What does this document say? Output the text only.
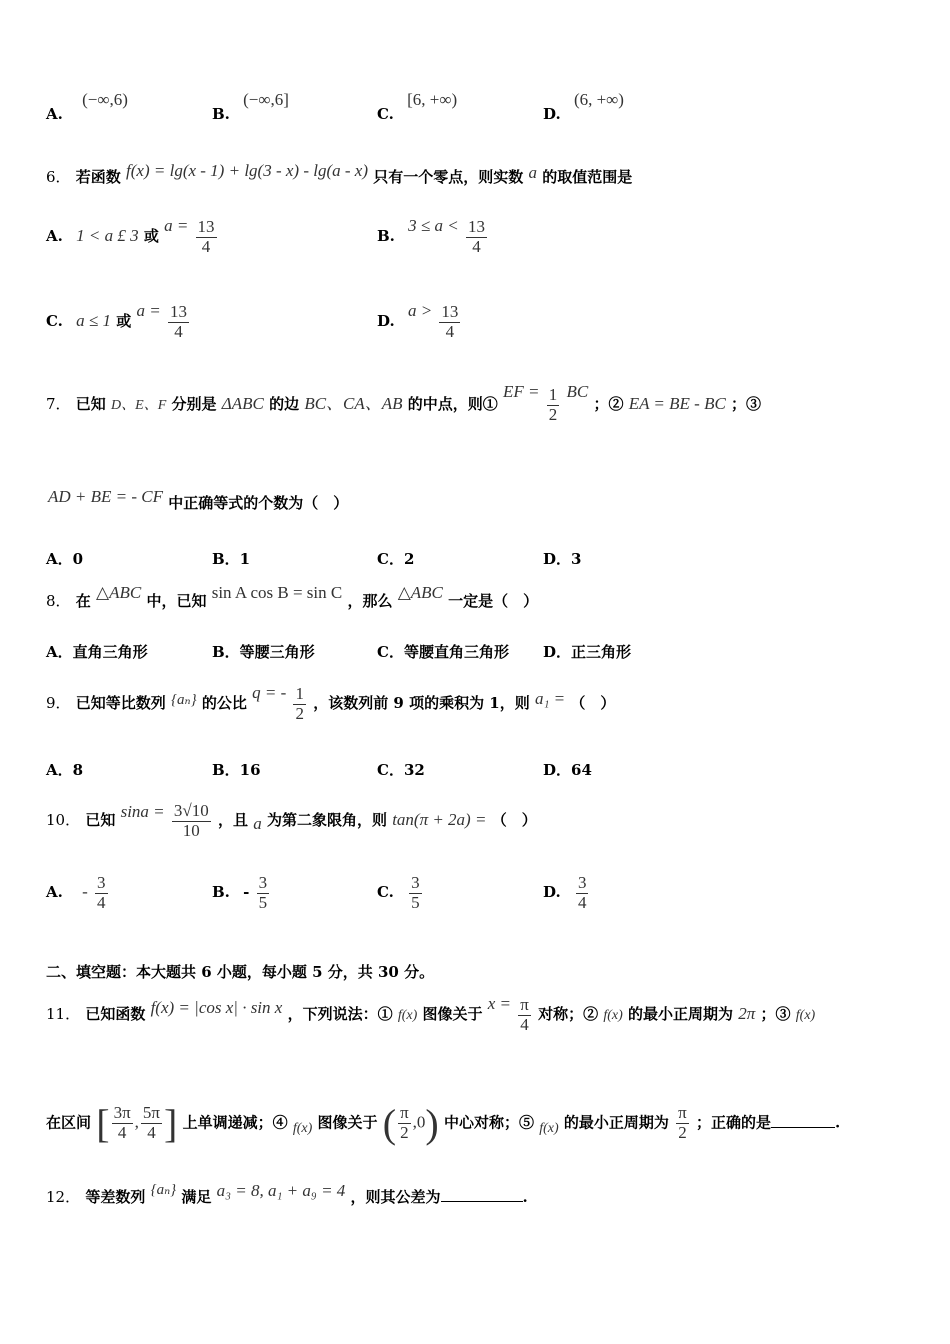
A. (−∞,6)
B. (−∞,6]
C. [6, +∞)
D. (6, +∞)
6． 若函数 f(x) = lg(x - 1) + lg(3 - x) - lg(a - x) 只有一个零点，则实数 a 的取值范围是
A. 1 < a £ 3 或 $a = \frac{13}{4}$	B. $3 \le a < \frac{13}{4}$
C. a ≤ 1 或 $a = \frac{13}{4}$	D. $a > \frac{13}{4}$
7． 已知 D、E、F 分别是 ΔABC 的边 BC、CA、AB 的中点，则① EF = $\frac{1}{2}$ BC ；② EA = BE - BC ；③
AD + BE = - CF 中正确等式的个数为（　）
A．0	B．1	C．2	D．3
8． 在 △ABC 中，已知 sin A cos B = sin C ，那么 △ABC 一定是（　）
A．直角三角形	B．等腰三角形	C．等腰直角三角形 D．正三角形
9． 已知等比数列 {aₙ} 的公比 q = - $\frac{1}{2}$ ，该数列前 9 项的乘积为 1，则 a₁ = （　）
A．8	B．16	C．32	D．64
10． 已知 $\sin a = \frac{3√10}{10}$ ，且 a 为第二象限角，则 tan(π + 2a) = （　）
A. - $\frac{3}{4}$	B. - $\frac{3}{5}$	C. $\frac{3}{5}$	D. $\frac{3}{4}$
二、填空题：本大题共 6 小题，每小题 5 分，共 30 分。
11． 已知函数 f(x) = |cos x| · sin x ，下列说法：① f(x) 图像关于 $x = \frac{\pi}{4}$ 对称；② f(x) 的最小正周期为 2π ；③ f(x)
在区间 [ $\frac{3\pi}{4}$ , $\frac{5\pi}{4}$ ] 上单调递减；④ f(x) 图像关于 ( $\frac{\pi}{2} ,0$) 中心对称；⑤ f(x) 的最小正周期为 $\frac{\pi}{2}$ ；正确的是	.
12． 等差数列 {aₙ} 满足 a₃ = 8, a₁ + a₉ = 4 ，则其公差为	.
